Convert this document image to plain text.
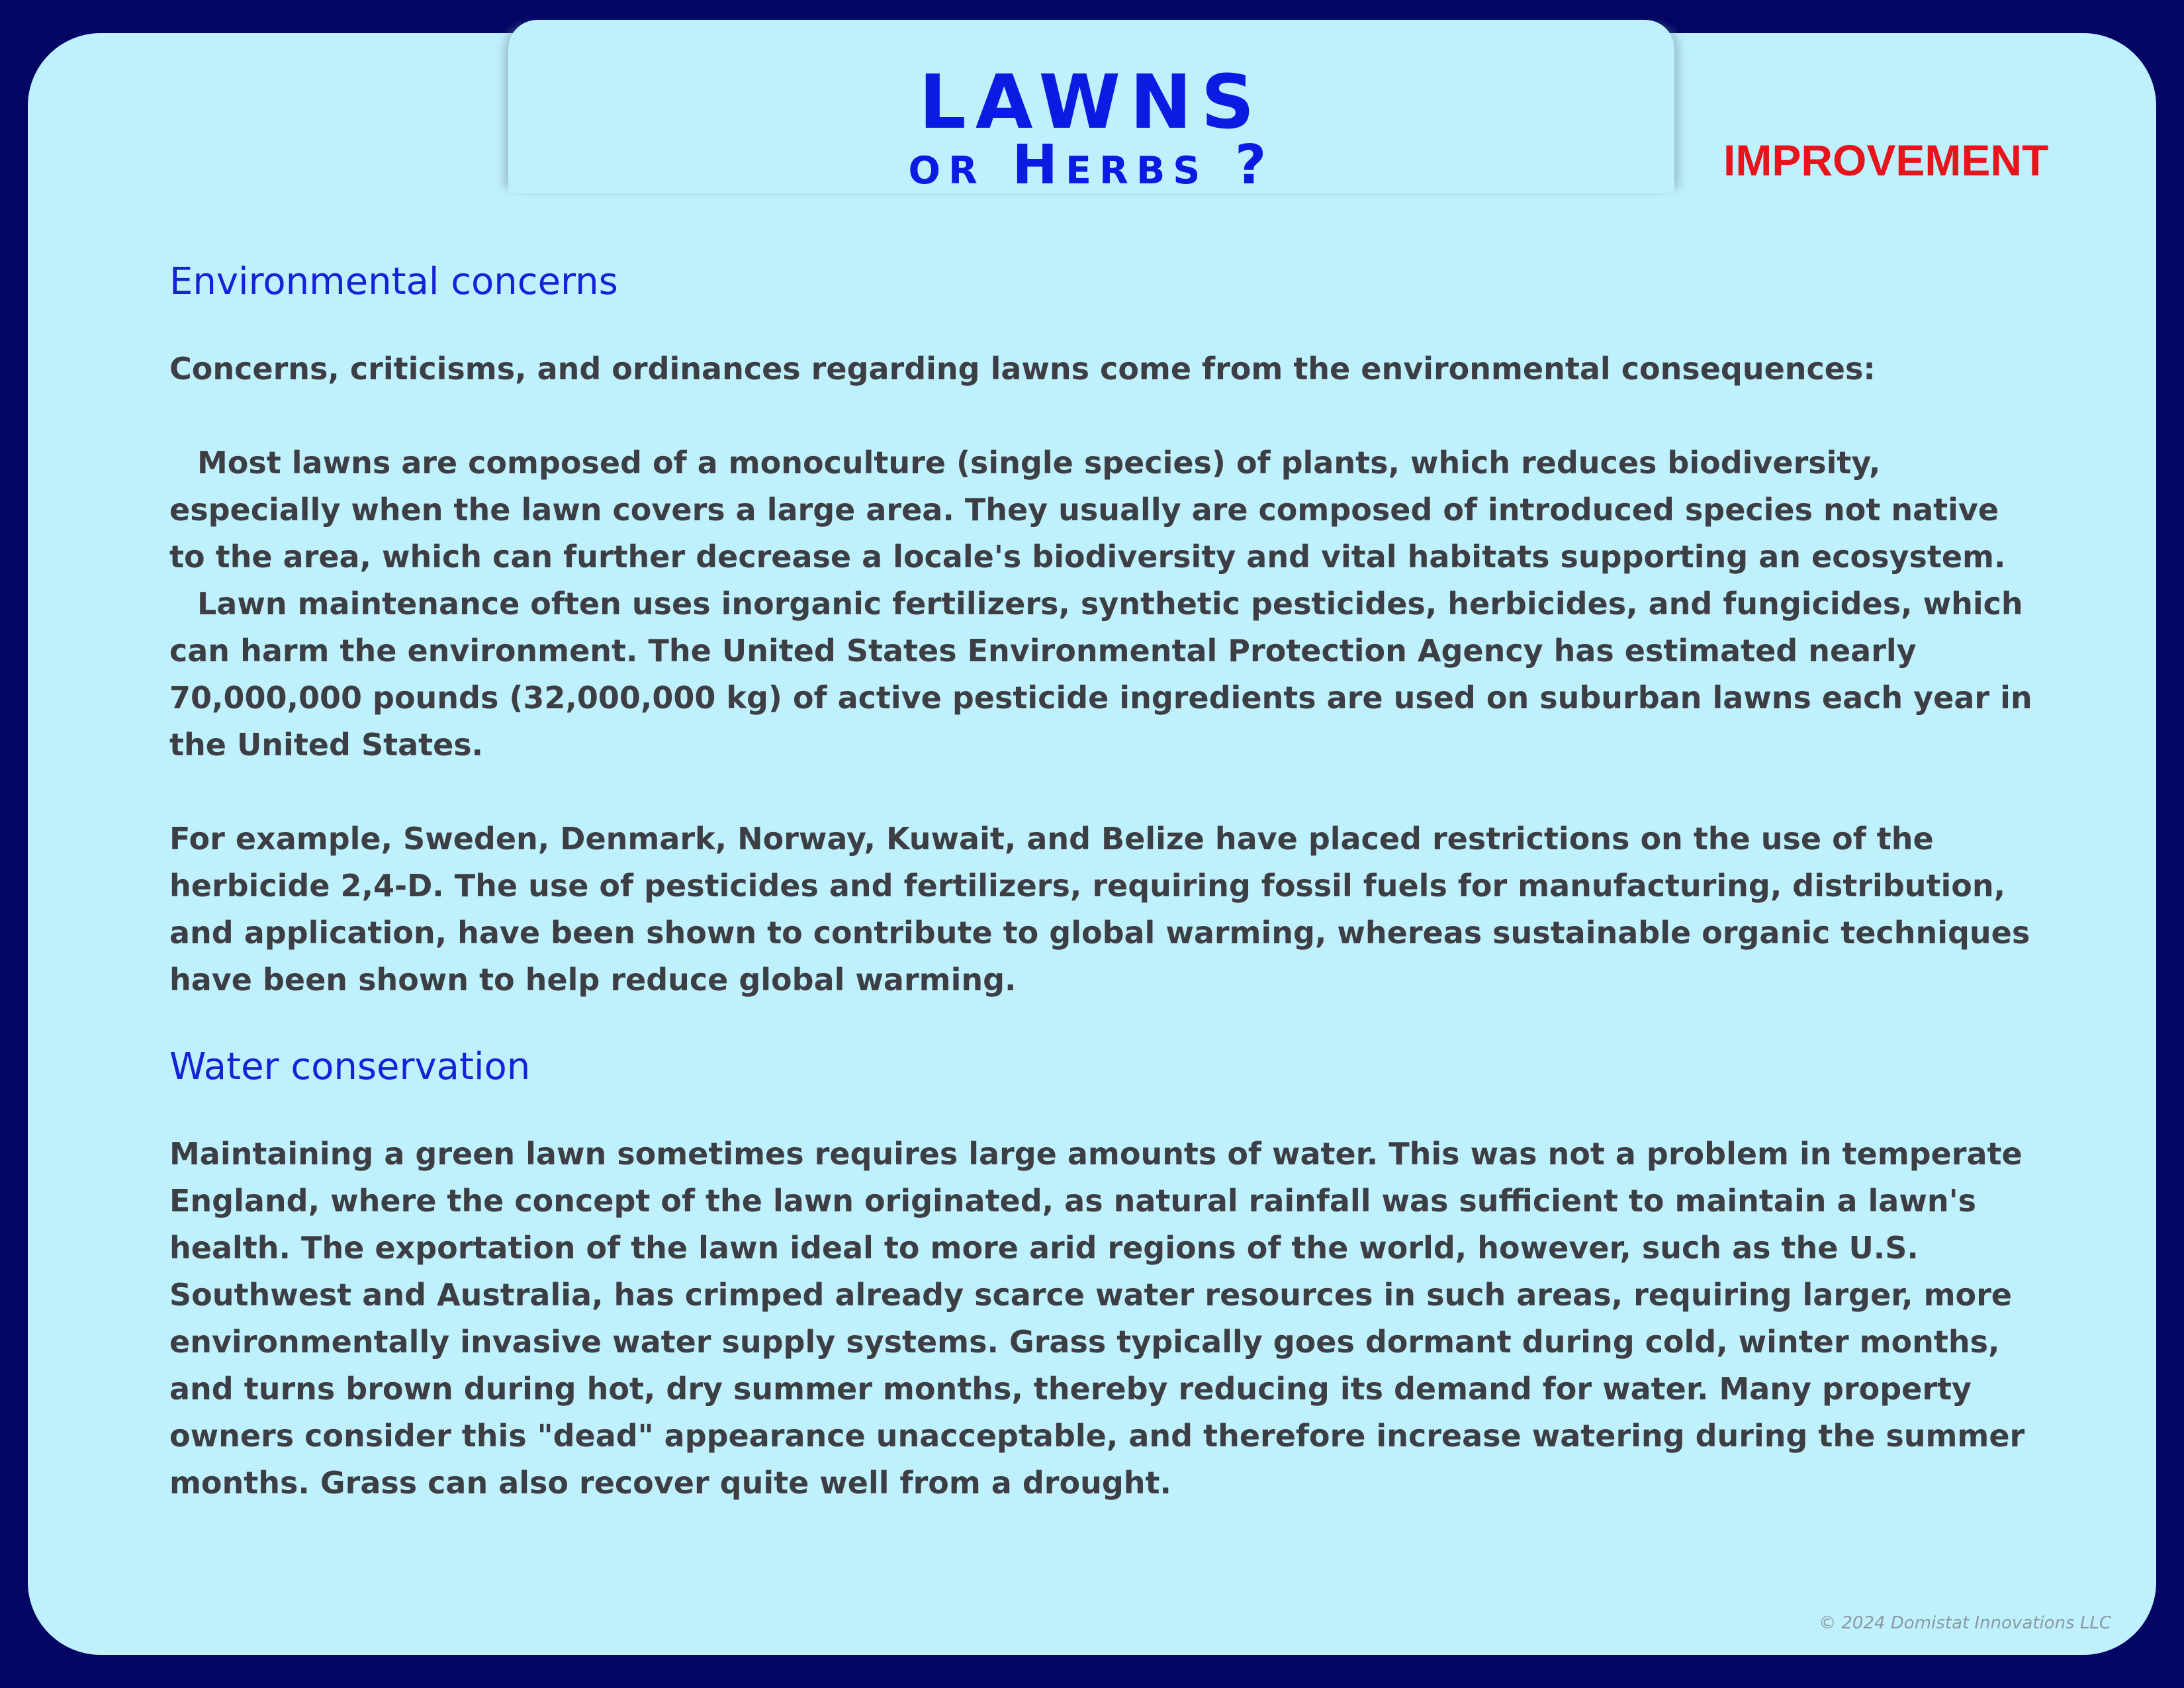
LAWNS
or Herbs ?	IMPROVEMENT
Environmental concerns

Concerns, criticisms, and ordinances regarding lawns come from the environmental consequences:

Most lawns are composed of a monoculture (single species) of plants, which reduces biodiversity, especially when the lawn covers a large area. They usually are composed of introduced species not native to the area, which can further decrease a locale's biodiversity and vital habitats supporting an ecosystem.

Lawn maintenance often uses inorganic fertilizers, synthetic pesticides, herbicides, and fungicides, which can harm the environment. The United States Environmental Protection Agency has estimated nearly 70,000,000 pounds (32,000,000 kg) of active pesticide ingredients are used on suburban lawns each year in the United States.

For example, Sweden, Denmark, Norway, Kuwait, and Belize have placed restrictions on the use of the herbicide 2,4-D. The use of pesticides and fertilizers, requiring fossil fuels for manufacturing, distribution, and application, have been shown to contribute to global warming, whereas sustainable organic techniques have been shown to help reduce global warming.

Water conservation

Maintaining a green lawn sometimes requires large amounts of water. This was not a problem in temperate England, where the concept of the lawn originated, as natural rainfall was sufficient to maintain a lawn's health. The exportation of the lawn ideal to more arid regions of the world, however, such as the U.S. Southwest and Australia, has crimped already scarce water resources in such areas, requiring larger, more environmentally invasive water supply systems. Grass typically goes dormant during cold, winter months, and turns brown during hot, dry summer months, thereby reducing its demand for water. Many property owners consider this "dead" appearance unacceptable, and therefore increase watering during the summer months. Grass can also recover quite well from a drought.

© 2024 Domistat Innovations LLC
